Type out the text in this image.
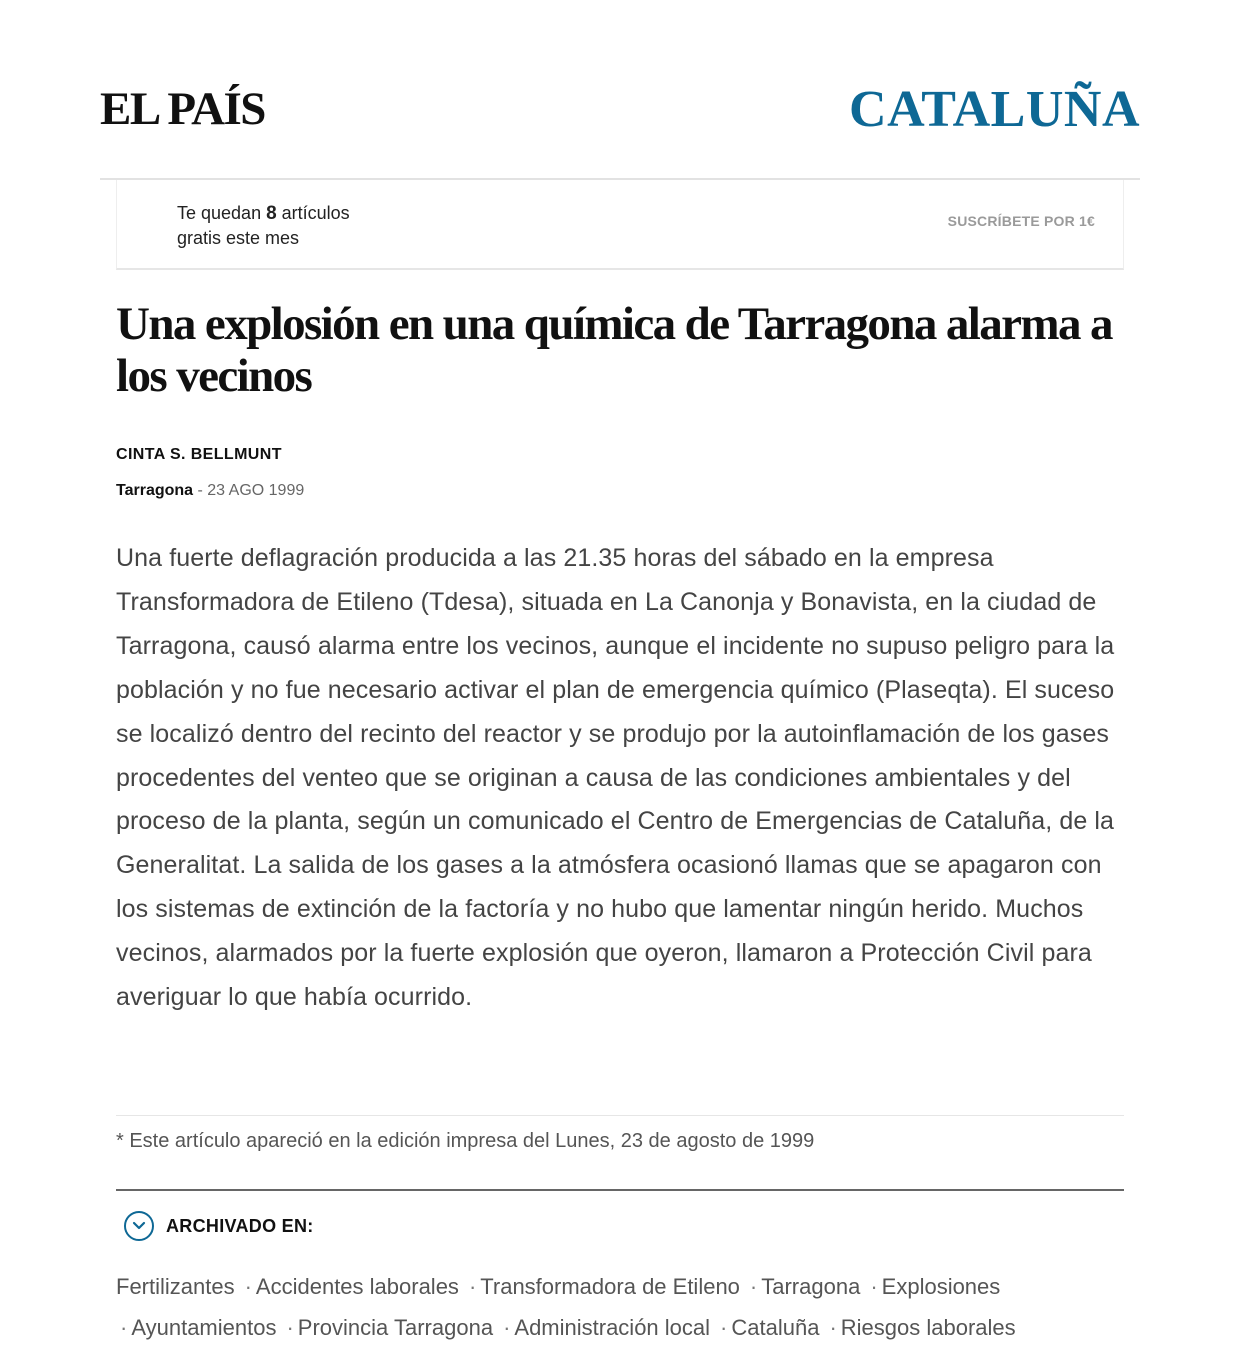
EL PAÍS	CATALUÑA
Te quedan 8 artículos
gratis este mes
SUSCRÍBETE POR 1€
Una explosión en una química de Tarragona alarma a los vecinos
CINTA S. BELLMUNT
Tarragona - 23 AGO 1999

Una fuerte deflagración producida a las 21.35 horas del sábado en la empresa Transformadora de Etileno (Tdesa), situada en La Canonja y Bonavista, en la ciudad de Tarragona, causó alarma entre los vecinos, aunque el incidente no supuso peligro para la población y no fue necesario activar el plan de emergencia químico (Plaseqta). El suceso se localizó dentro del recinto del reactor y se produjo por la autoinflamación de los gases procedentes del venteo que se originan a causa de las condiciones ambientales y del proceso de la planta, según un comunicado el Centro de Emergencias de Cataluña, de la Generalitat. La salida de los gases a la atmósfera ocasionó llamas que se apagaron con los sistemas de extinción de la factoría y no hubo que lamentar ningún herido. Muchos vecinos, alarmados por la fuerte explosión que oyeron, llamaron a Protección Civil para averiguar lo que había ocurrido.

* Este artículo apareció en la edición impresa del Lunes, 23 de agosto de 1999
ARCHIVADO EN:
Fertilizantes · Accidentes laborales · Transformadora de Etileno · Tarragona · Explosiones
· Ayuntamientos · Provincia Tarragona · Administración local · Cataluña · Riesgos laborales
